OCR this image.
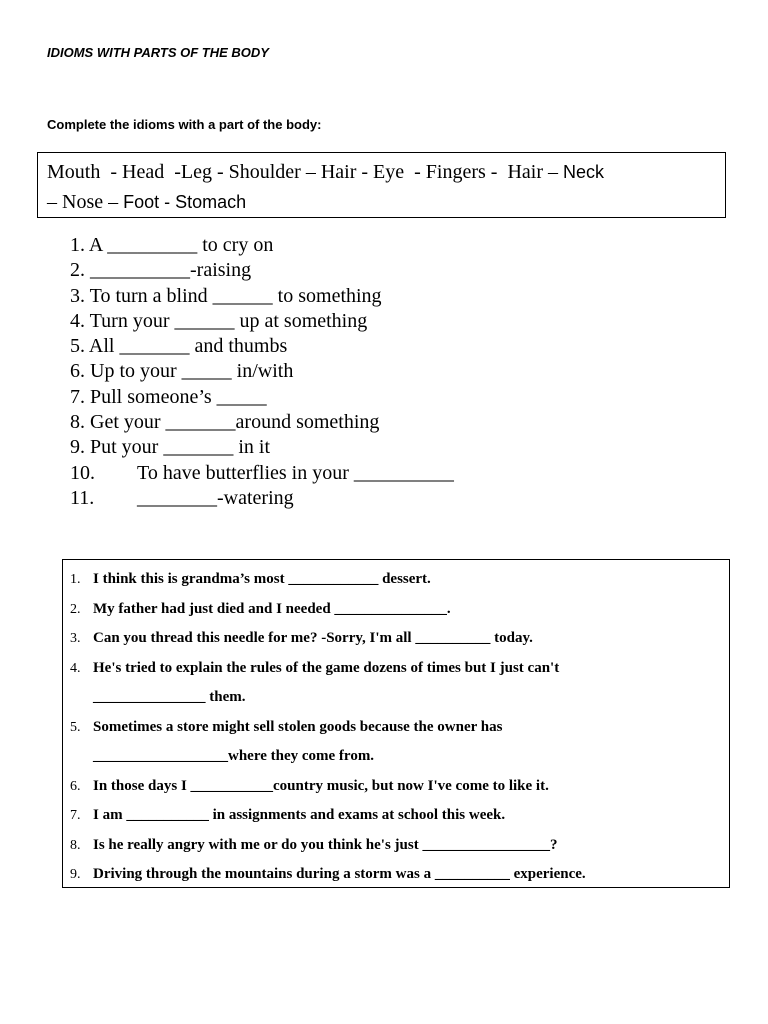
IDIOMS WITH PARTS OF THE BODY
Complete the idioms with a part of the body:
Mouth  - Head  -Leg - Shoulder – Hair - Eye  - Fingers -  Hair – Neck
– Nose – Foot - Stomach
1. A _________ to cry on
2. __________-raising
3. To turn a blind ______ to something
4. Turn your ______ up at something
5. All _______ and thumbs
6. Up to your _____ in/with
7. Pull someone’s _____
8. Get your _______around something
9. Put your _______ in it
10. To have butterflies in your __________
11. ________-watering
1. I think this is grandma’s most ____________ dessert.
2. My father had just died and I needed _______________.
3. Can you thread this needle for me? -Sorry, I'm all __________ today.
4. He's tried to explain the rules of the game dozens of times but I just can't
_______________ them.
5. Sometimes a store might sell stolen goods because the owner has
__________________where they come from.
6. In those days I ___________country music, but now I've come to like it.
7. I am ___________ in assignments and exams at school this week.
8. Is he really angry with me or do you think he's just _________________?
9. Driving through the mountains during a storm was a __________ experience.
